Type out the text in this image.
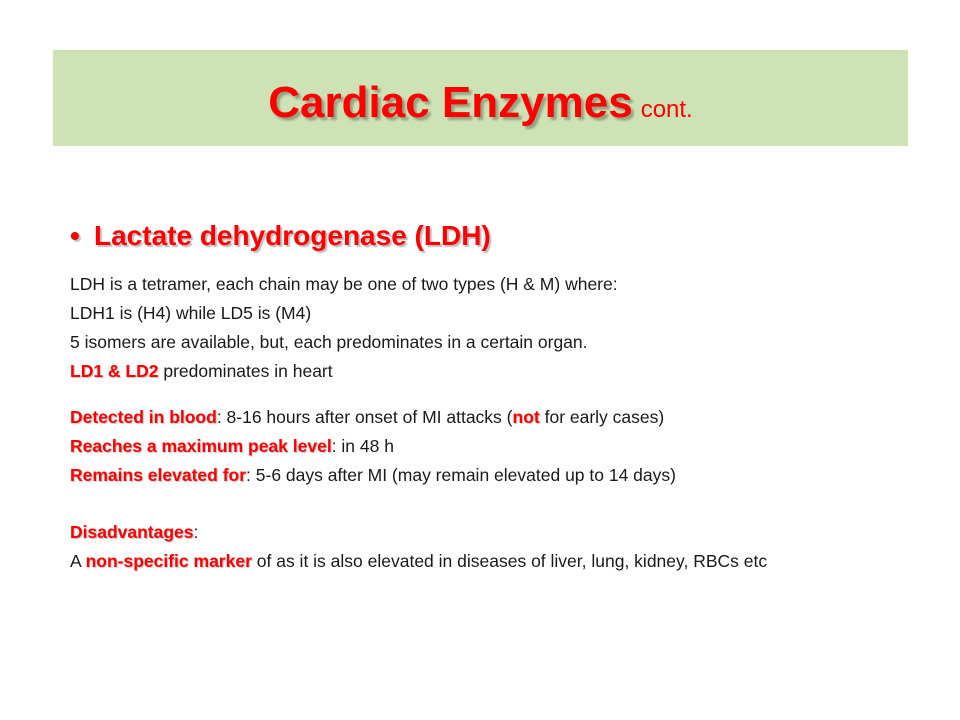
Cardiac Enzymes cont.
• Lactate dehydrogenase (LDH)
LDH is a tetramer, each chain may be one of two types (H & M) where:
LDH1 is (H4) while LD5 is (M4)
5 isomers are available, but, each predominates in a certain organ.
LD1 & LD2 predominates in heart
Detected in blood: 8-16 hours after onset of MI attacks (not for early cases)
Reaches a maximum peak level: in 48 h
Remains elevated for: 5-6 days after MI (may remain elevated up to 14 days)
Disadvantages:
A non-specific marker of as it is also elevated in diseases of liver, lung, kidney, RBCs etc
